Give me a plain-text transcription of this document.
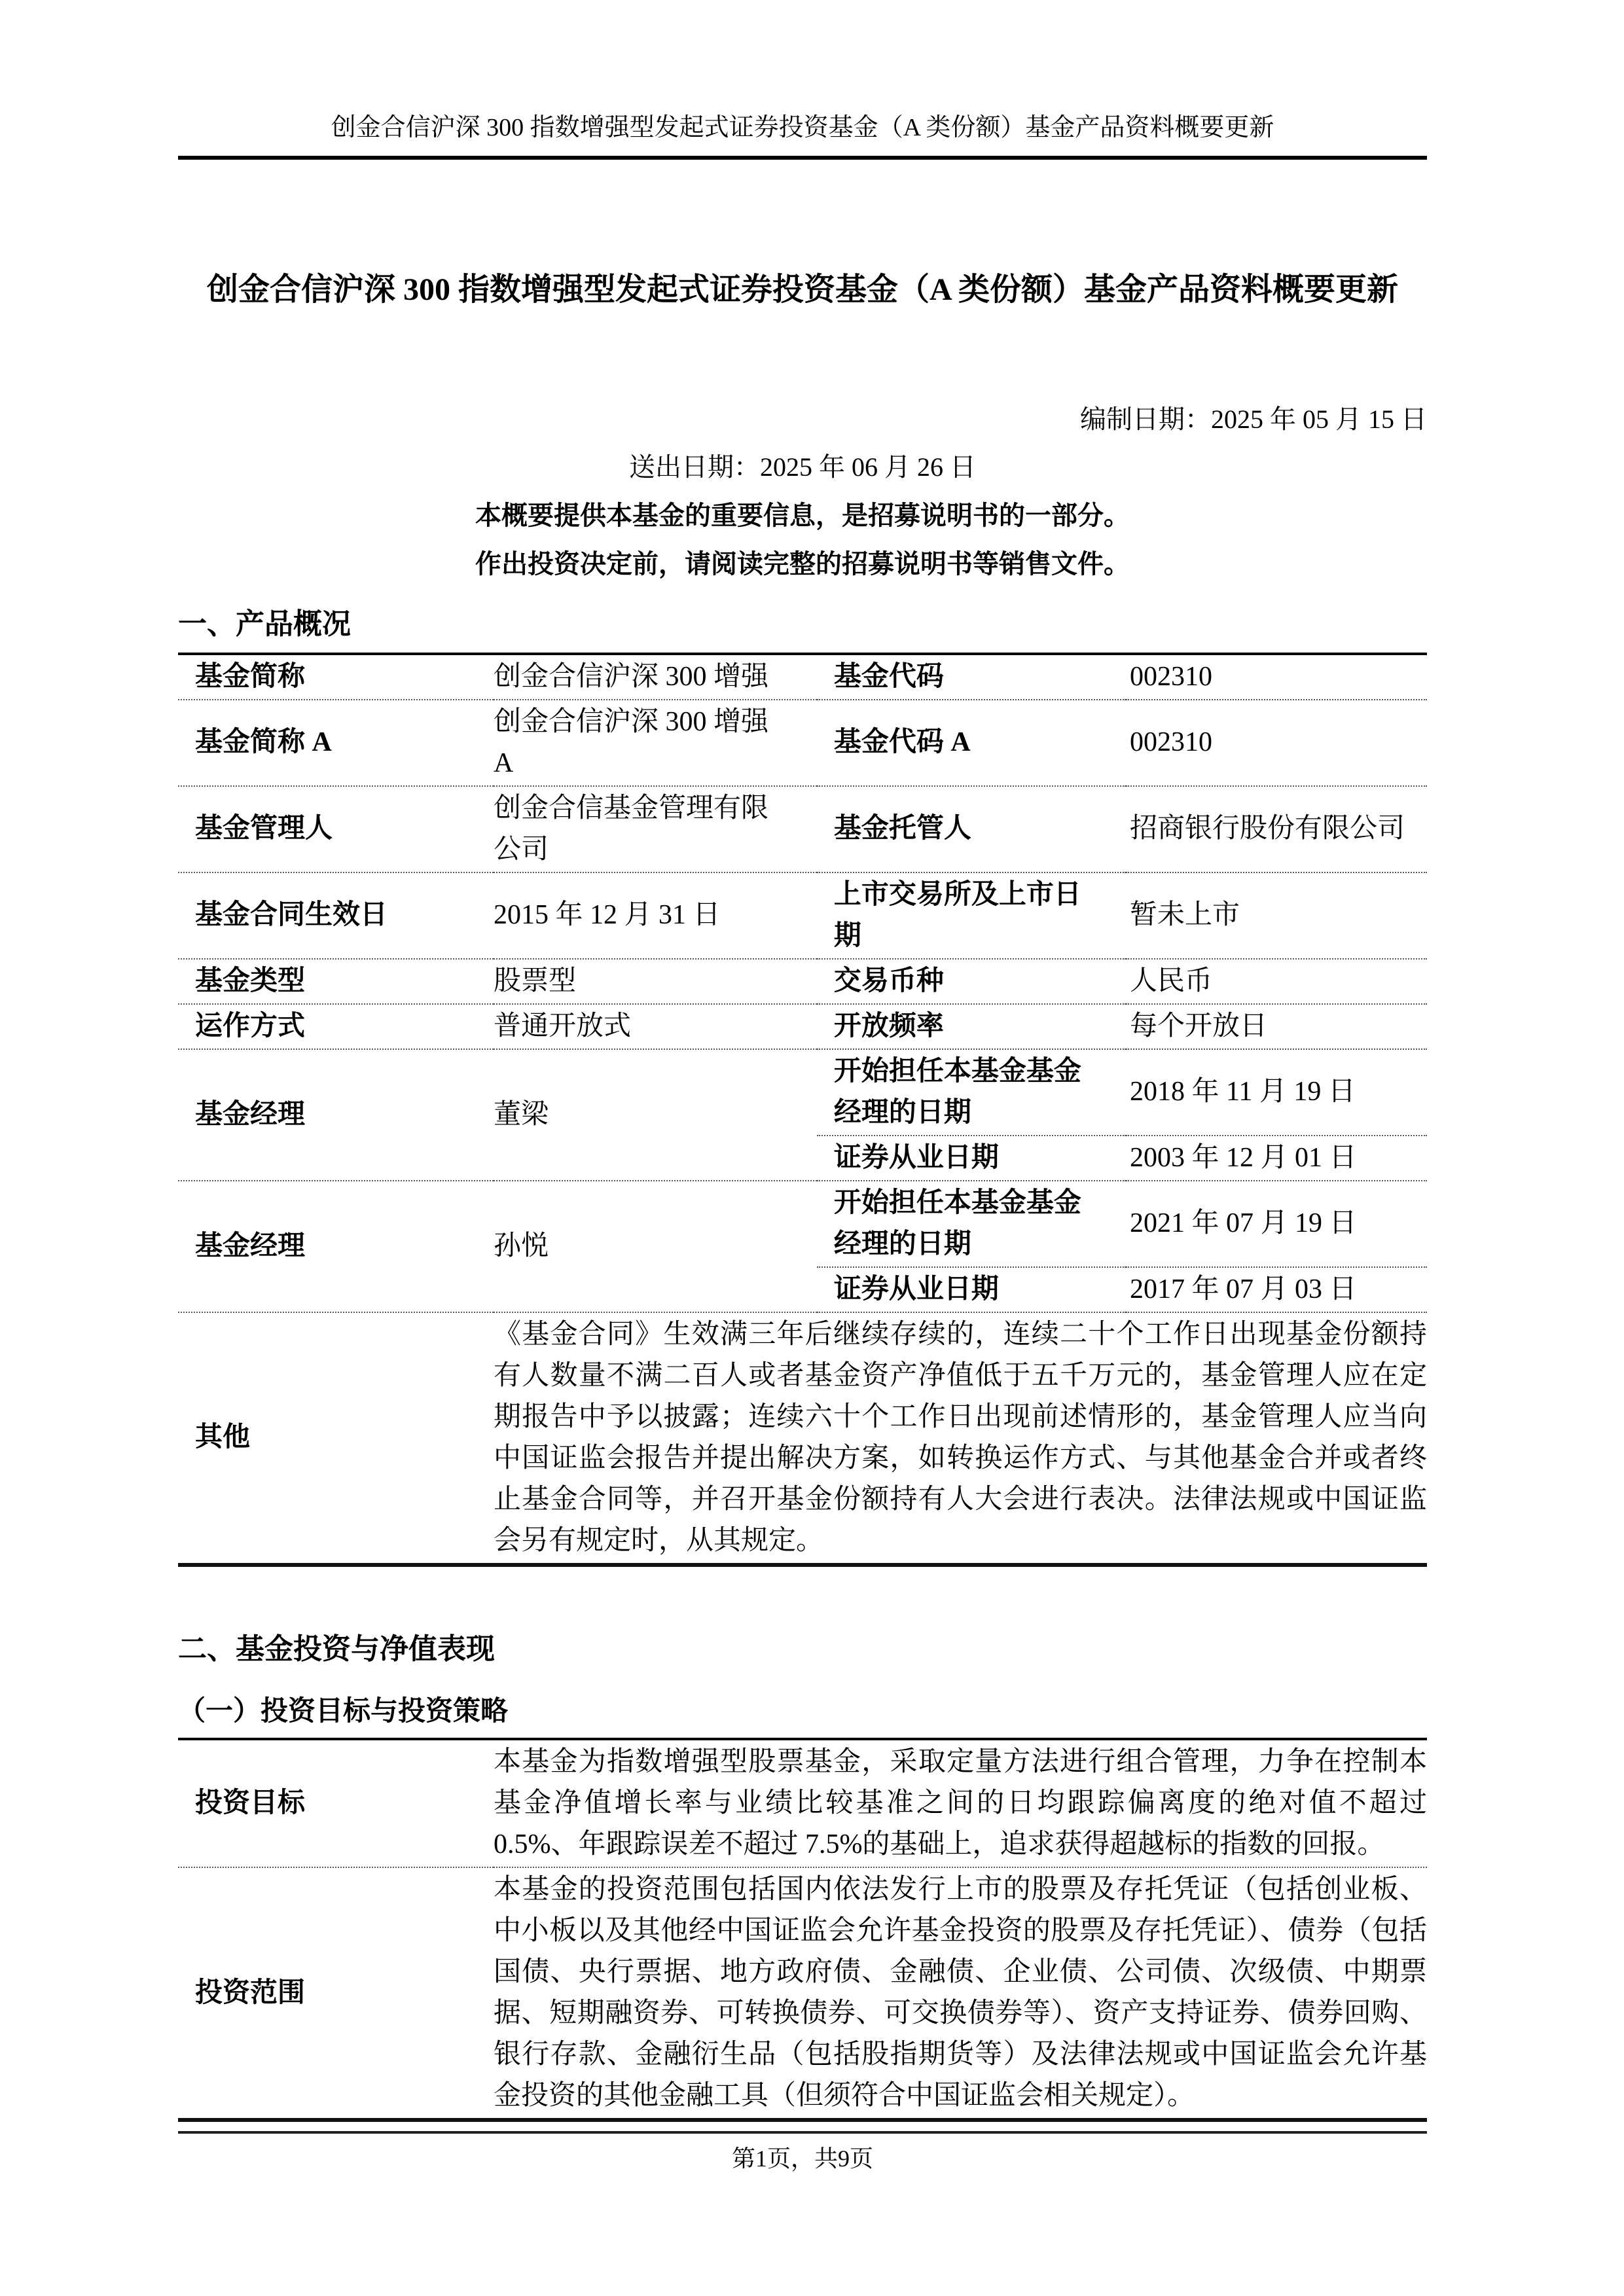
创金合信沪深 300 指数增强型发起式证券投资基金（A 类份额）基金产品资料概要更新
创金合信沪深 300 指数增强型发起式证券投资基金（A 类份额）基金产品资料概要更新
编制日期：2025 年 05 月 15 日
送出日期：2025 年 06 月 26 日
本概要提供本基金的重要信息，是招募说明书的一部分。
作出投资决定前，请阅读完整的招募说明书等销售文件。
一、产品概况
基金简称	创金合信沪深 300 增强	基金代码	002310
基金简称 A	创金合信沪深 300 增强 A	基金代码 A	002310
基金管理人	创金合信基金管理有限公司	基金托管人	招商银行股份有限公司
基金合同生效日	2015 年 12 月 31 日	上市交易所及上市日期	暂未上市
基金类型	股票型	交易币种	人民币
运作方式	普通开放式	开放频率	每个开放日
基金经理	董梁	开始担任本基金基金经理的日期	2018 年 11 月 19 日
		证券从业日期	2003 年 12 月 01 日
基金经理	孙悦	开始担任本基金基金经理的日期	2021 年 07 月 19 日
		证券从业日期	2017 年 07 月 03 日
其他	《基金合同》生效满三年后继续存续的，连续二十个工作日出现基金份额持有人数量不满二百人或者基金资产净值低于五千万元的，基金管理人应在定期报告中予以披露；连续六十个工作日出现前述情形的，基金管理人应当向中国证监会报告并提出解决方案，如转换运作方式、与其他基金合并或者终止基金合同等，并召开基金份额持有人大会进行表决。法律法规或中国证监会另有规定时，从其规定。		
二、基金投资与净值表现
（一）投资目标与投资策略
投资目标	本基金为指数增强型股票基金，采取定量方法进行组合管理，力争在控制本基金净值增长率与业绩比较基准之间的日均跟踪偏离度的绝对值不超过 0.5%、年跟踪误差不超过 7.5%的基础上，追求获得超越标的指数的回报。
投资范围	本基金的投资范围包括国内依法发行上市的股票及存托凭证（包括创业板、中小板以及其他经中国证监会允许基金投资的股票及存托凭证）、债券（包括国债、央行票据、地方政府债、金融债、企业债、公司债、次级债、中期票据、短期融资券、可转换债券、可交换债券等）、资产支持证券、债券回购、银行存款、金融衍生品（包括股指期货等）及法律法规或中国证监会允许基金投资的其他金融工具（但须符合中国证监会相关规定）。
第1页，共9页
